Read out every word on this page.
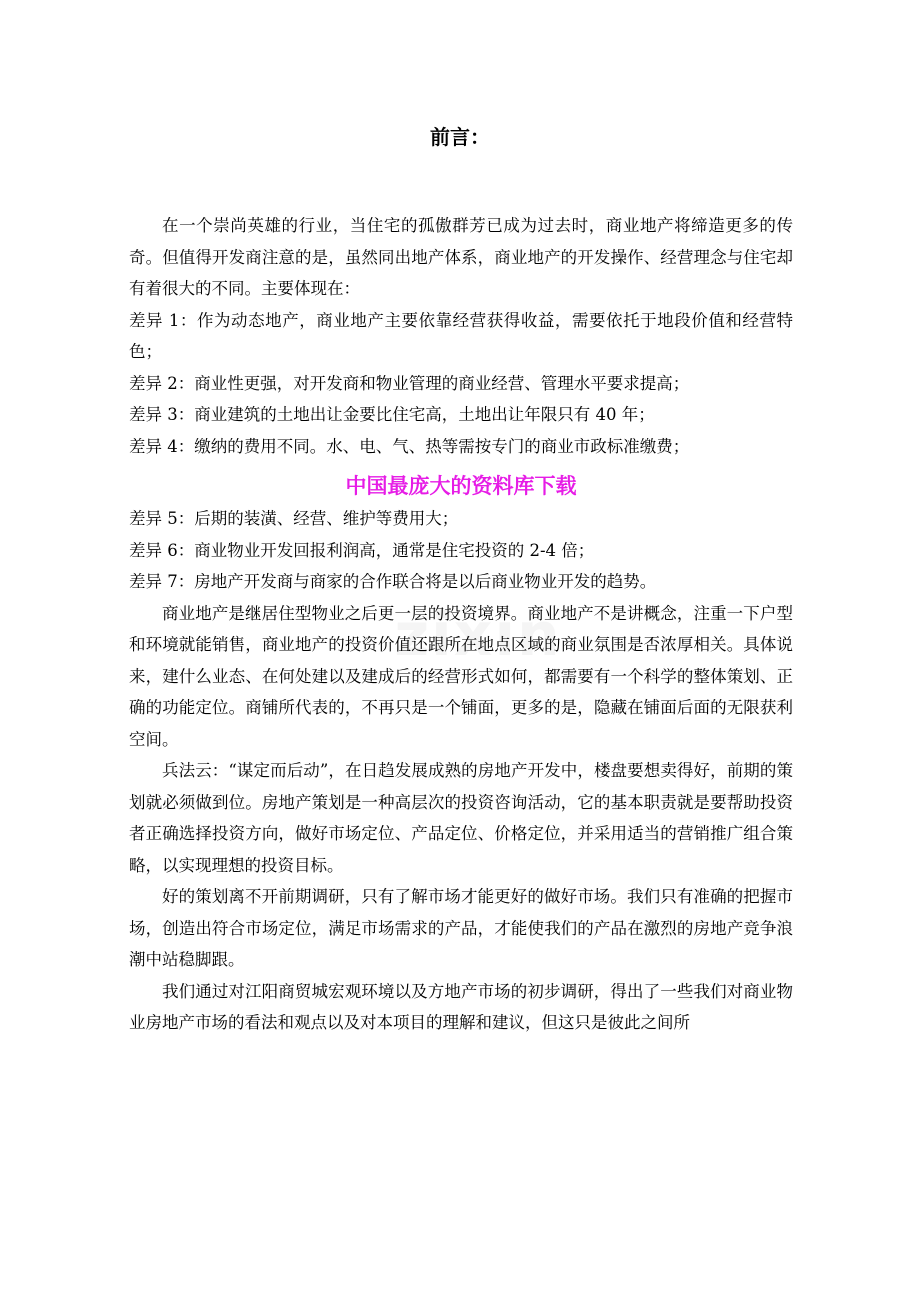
zixin
前言：

在一个崇尚英雄的行业，当住宅的孤傲群芳已成为过去时，商业地产将缔造更多的传奇。但值得开发商注意的是，虽然同出地产体系，商业地产的开发操作、经营理念与住宅却有着很大的不同。主要体现在：

差异 1：作为动态地产，商业地产主要依靠经营获得收益，需要依托于地段价值和经营特色；

差异 2：商业性更强，对开发商和物业管理的商业经营、管理水平要求提高；

差异 3：商业建筑的土地出让金要比住宅高，土地出让年限只有 40 年；

差异 4：缴纳的费用不同。水、电、气、热等需按专门的商业市政标准缴费；

中国最庞大的资料库下载

差异 5：后期的装潢、经营、维护等费用大；

差异 6：商业物业开发回报利润高，通常是住宅投资的 2-4 倍；

差异 7：房地产开发商与商家的合作联合将是以后商业物业开发的趋势。

商业地产是继居住型物业之后更一层的投资境界。商业地产不是讲概念，注重一下户型和环境就能销售，商业地产的投资价值还跟所在地点区域的商业氛围是否浓厚相关。具体说来，建什么业态、在何处建以及建成后的经营形式如何，都需要有一个科学的整体策划、正确的功能定位。商铺所代表的，不再只是一个铺面，更多的是，隐藏在铺面后面的无限获利空间。

兵法云：“谋定而后动”，在日趋发展成熟的房地产开发中，楼盘要想卖得好，前期的策划就必须做到位。房地产策划是一种高层次的投资咨询活动，它的基本职责就是要帮助投资者正确选择投资方向，做好市场定位、产品定位、价格定位，并采用适当的营销推广组合策略，以实现理想的投资目标。

好的策划离不开前期调研，只有了解市场才能更好的做好市场。我们只有准确的把握市场，创造出符合市场定位，满足市场需求的产品，才能使我们的产品在激烈的房地产竞争浪潮中站稳脚跟。

我们通过对江阳商贸城宏观环境以及方地产市场的初步调研，得出了一些我们对商业物业房地产市场的看法和观点以及对本项目的理解和建议，但这只是彼此之间所
